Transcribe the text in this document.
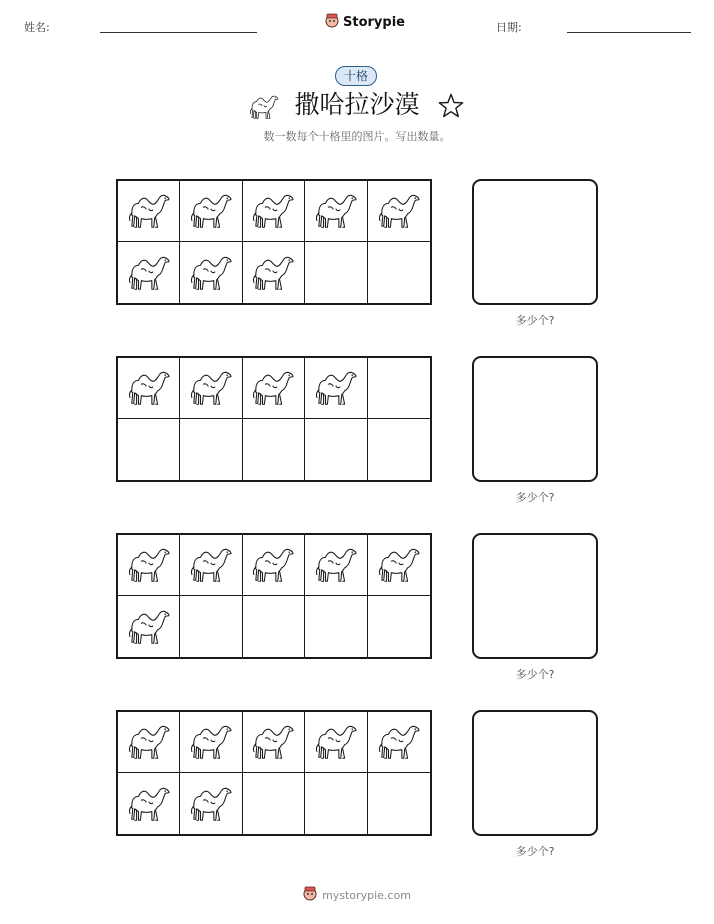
姓名:	Storypie	日期:
十格
撒哈拉沙漠
数一数每个十格里的图片。写出数量。
多少个?
多少个?
多少个?
多少个?
mystorypie.com
